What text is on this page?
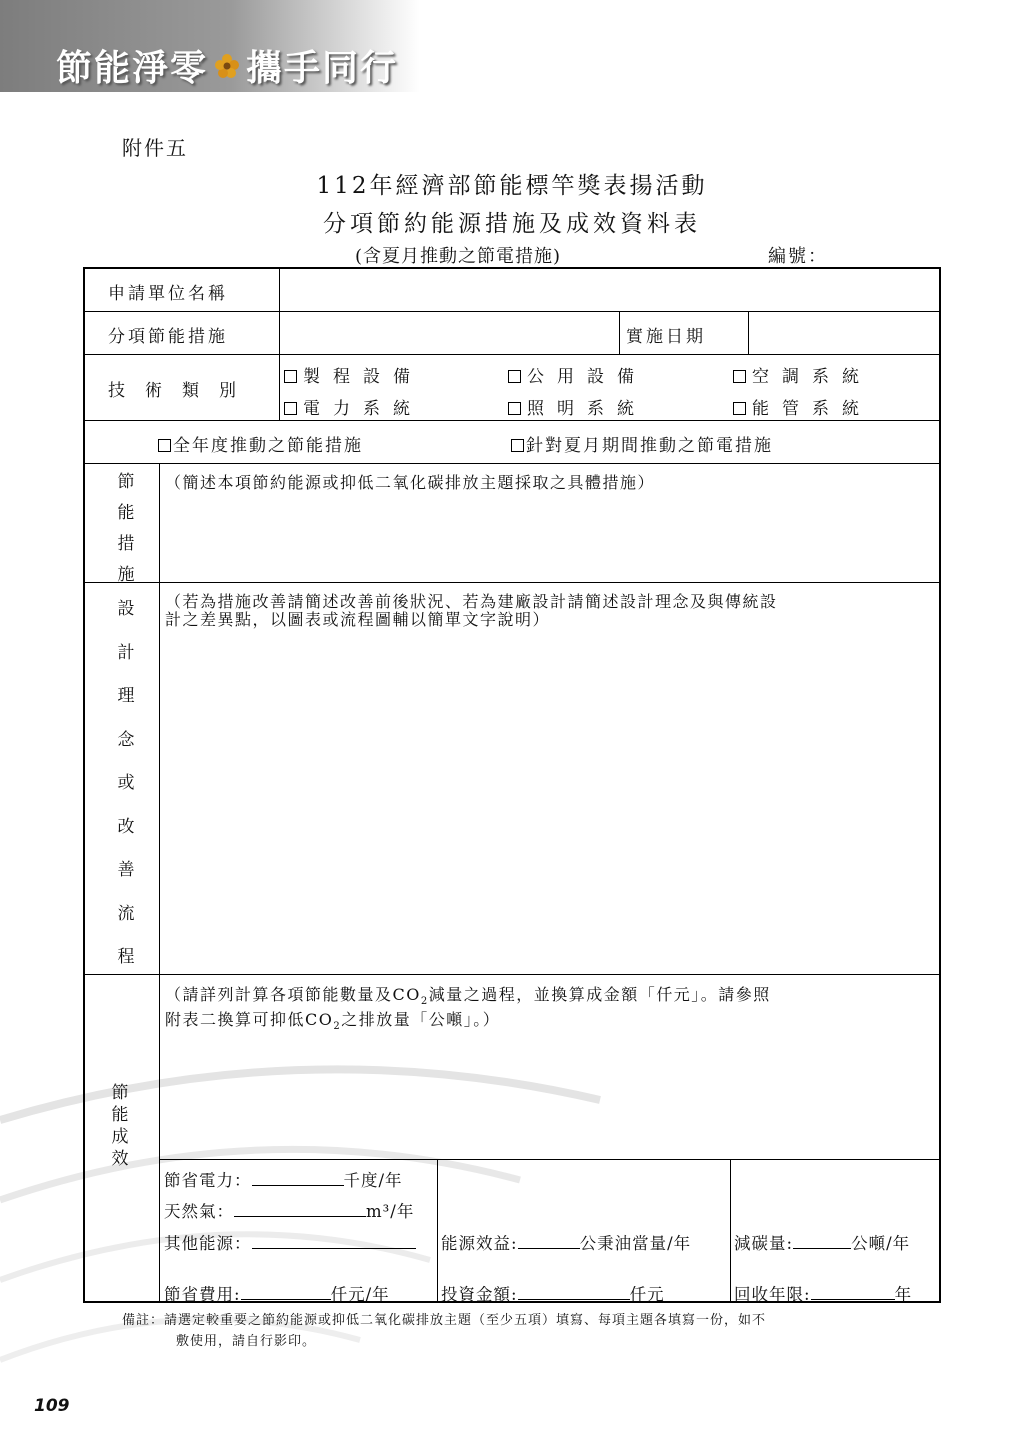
節能淨零 攜手同行
附件五
112年經濟部節能標竿獎表揚活動
分項節約能源措施及成效資料表
(含夏月推動之節電措施)	編號：
申請單位名稱
分項節能措施	實施日期
技術類別
製程設備	公用設備	空調系統
電力系統	照明系統	能管系統
全年度推動之節能措施	針對夏月期間推動之節電措施
節
能
措
施
（簡述本項節約能源或抑低二氧化碳排放主題採取之具體措施）
設
計
理
念
或
改
善
流
程
（若為措施改善請簡述改善前後狀況、若為建廠設計請簡述設計理念及與傳統設
計之差異點，以圖表或流程圖輔以簡單文字說明）
節
能
成
效
（請詳列計算各項節能數量及$CO_2$減量之過程，並換算成金額「仟元」。請參照
附表二換算可抑低$CO_2$之排放量「公噸」。）
節省電力：	千度/年
天然氣：	m³/年
其他能源：	能源效益:	公秉油當量/年	減碳量:	公噸/年
節省費用:	仟元/年	投資金額:	仟元	回收年限:	年
備註：請選定較重要之節約能源或抑低二氧化碳排放主題（至少五項）填寫、每項主題各填寫一份，如不
敷使用，請自行影印。
109
